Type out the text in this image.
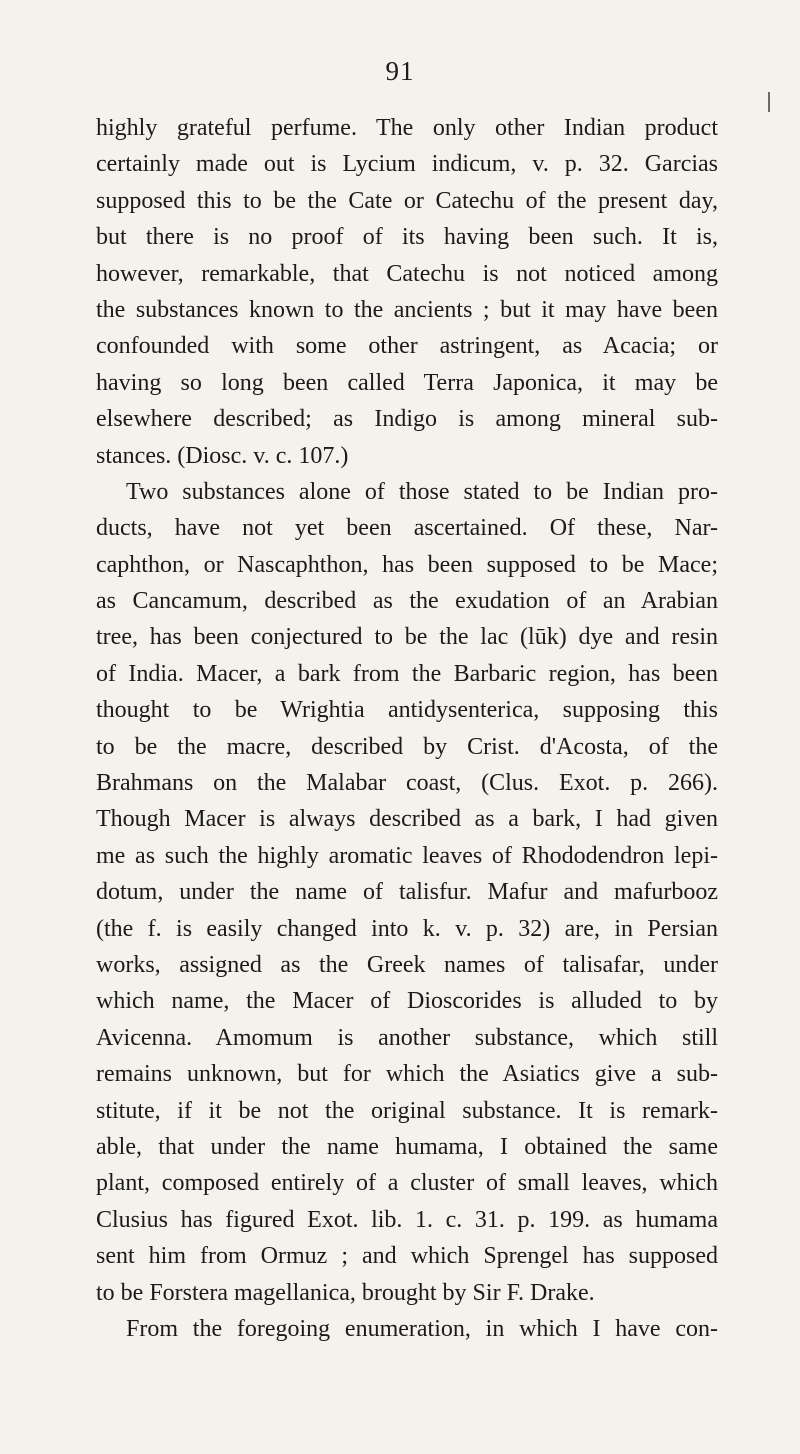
91
highly grateful perfume. The only other Indian product
certainly made out is Lycium indicum, v. p. 32. Garcias
supposed this to be the Cate or Catechu of the present day,
but there is no proof of its having been such. It is,
however, remarkable, that Catechu is not noticed among
the substances known to the ancients ; but it may have been
confounded with some other astringent, as Acacia; or
having so long been called Terra Japonica, it may be
elsewhere described; as Indigo is among mineral sub-
stances. (Diosc. v. c. 107.)
Two substances alone of those stated to be Indian pro-
ducts, have not yet been ascertained. Of these, Nar-
caphthon, or Nascaphthon, has been supposed to be Mace;
as Cancamum, described as the exudation of an Arabian
tree, has been conjectured to be the lac (lūk) dye and resin
of India. Macer, a bark from the Barbaric region, has been
thought to be Wrightia antidysenterica, supposing this
to be the macre, described by Crist. d'Acosta, of the
Brahmans on the Malabar coast, (Clus. Exot. p. 266).
Though Macer is always described as a bark, I had given
me as such the highly aromatic leaves of Rhododendron lepi-
dotum, under the name of talisfur. Mafur and mafurbooz
(the f. is easily changed into k. v. p. 32) are, in Persian
works, assigned as the Greek names of talisafar, under
which name, the Macer of Dioscorides is alluded to by
Avicenna. Amomum is another substance, which still
remains unknown, but for which the Asiatics give a sub-
stitute, if it be not the original substance. It is remark-
able, that under the name humama, I obtained the same
plant, composed entirely of a cluster of small leaves, which
Clusius has figured Exot. lib. 1. c. 31. p. 199. as humama
sent him from Ormuz ; and which Sprengel has supposed
to be Forstera magellanica, brought by Sir F. Drake.
From the foregoing enumeration, in which I have con-
